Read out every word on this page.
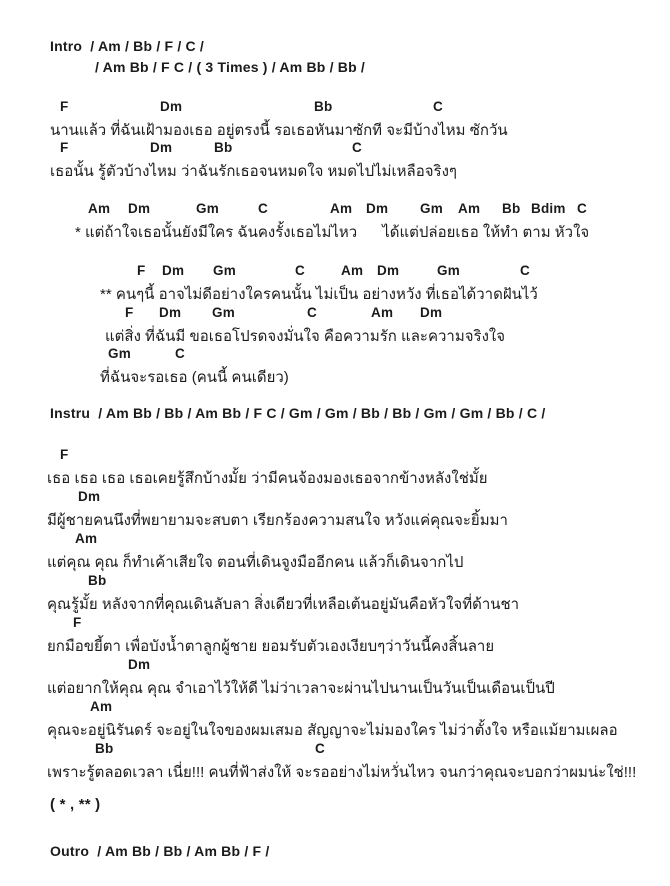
Intro  / Am / Bb / F / C /
/ Am Bb / F C / ( 3 Times ) / Am Bb / Bb /
F	Dm	Bb	C
นานแล้ว ที่ฉันเฝ้ามองเธอ อยู่ตรงนี้ รอเธอหันมาซักที จะมีบ้างไหม ซักวัน
F	Dm	Bb	C
เธอนั้น รู้ตัวบ้างไหม ว่าฉันรักเธอจนหมดใจ หมดไปไม่เหลือจริงๆ
Am Dm	Gm	C	Am Dm Gm Am Bb Bdim C
* แต่ถ้าใจเธอนั้นยังมีใคร ฉันคงรั้งเธอไม่ไหว      ได้แต่ปล่อยเธอ ให้ทำ ตาม หัวใจ
F Dm Gm	C	Am Dm	Gm	C
** คนๆนี้ อาจไม่ดีอย่างใครคนนั้น ไม่เป็น อย่างหวัง ที่เธอได้วาดฝันไว้
F Dm Gm	C	Am Dm
แต่สิ่ง ที่ฉันมี ขอเธอโปรดจงมั่นใจ คือความรัก และความจริงใจ
Gm	C
ที่ฉันจะรอเธอ (คนนี้ คนเดียว)
Instru  / Am Bb / Bb / Am Bb / F C / Gm / Gm / Bb / Bb / Gm / Gm / Bb / C /
F
เธอ เธอ เธอ เธอเคยรู้สึกบ้างมั้ย ว่ามีคนจ้องมองเธอจากข้างหลังใช่มั้ย
Dm
มีผู้ชายคนนึงที่พยายามจะสบตา เรียกร้องความสนใจ หวังแค่คุณจะยิ้มมา
Am
แต่คุณ คุณ ก็ทำเค้าเสียใจ ตอนที่เดินจูงมืออีกคน แล้วก็เดินจากไป
Bb
คุณรู้มั้ย หลังจากที่คุณเดินลับลา สิ่งเดียวที่เหลือเต้นอยู่มันคือหัวใจที่ด้านชา
F
ยกมือขยี้ตา เพื่อบังน้ำตาลูกผู้ชาย ยอมรับตัวเองเงียบๆว่าวันนี้คงสิ้นลาย
Dm
แต่อยากให้คุณ คุณ จำเอาไว้ให้ดี ไม่ว่าเวลาจะผ่านไปนานเป็นวันเป็นเดือนเป็นปี
Am
คุณจะอยู่นิรันดร์ จะอยู่ในใจของผมเสมอ สัญญาจะไม่มองใคร ไม่ว่าตั้งใจ หรือแม้ยามเผลอ
Bb	C
เพราะรู้ตลอดเวลา เนี่ย!!! คนที่ฟ้าส่งให้ จะรออย่างไม่หวั่นไหว จนกว่าคุณจะบอกว่าผมน่ะใช่!!!
( * , ** )
Outro  / Am Bb / Bb / Am Bb / F /
